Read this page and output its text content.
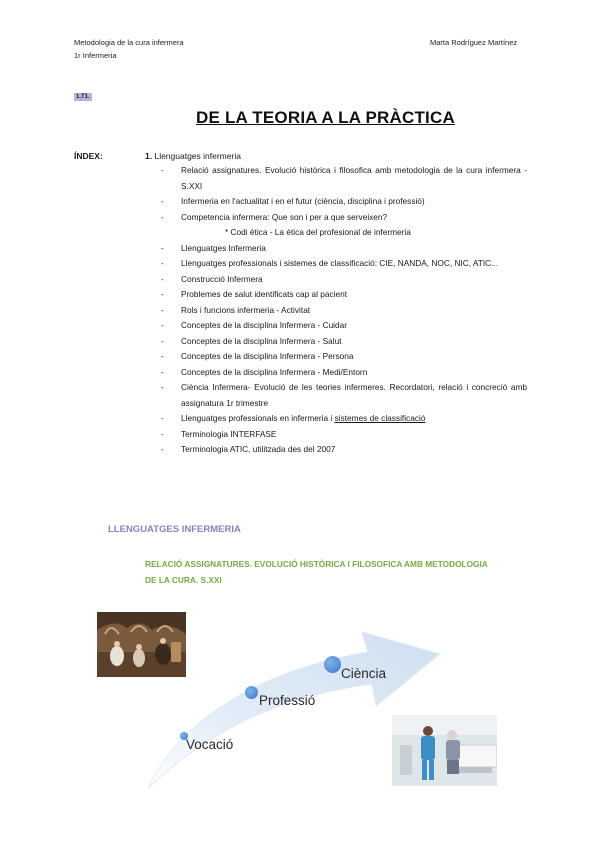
Metodologia de la cura infermera
1r Infermeria
Marta Rodríguez Martínez
1.T1.
DE LA TEORIA A LA PRÀCTICA
ÍNDEX:	1. Llenguatges infermeria
- Relació assignatures. Evolució històrica i filosofica amb metodologia de la cura infermera - S.XXI
- Infermeria en l'actualitat i en el futur (ciència, disciplina i professió)
- Competencia infermera: Que son i per a que serveixen?
* Codi ètica - La ètica del profesional de infermeria
- Llenguatges Infermeria
- Llenguatges professionals i sistemes de classificació: CIE, NANDA, NOC, NIC, ATIC...
- Construcció Infermera
- Problemes de salut identificats cap al pacient
- Rols i funcions infermeria - Activitat
- Conceptes de la disciplina Infermera - Cuidar
- Conceptes de la disciplina Infermera - Salut
- Conceptes de la disciplina Infermera - Persona
- Conceptes de la disciplina Infermera - Medi/Entorn
- Ciència Infermera- Evolució de les teories infermeres. Recordatori, relació i concreció amb assignatura 1r trimestre
- Llenguatges professionals en infermeria i sistemes de classificació
- Terminologia INTERFASE
- Terminologia ATIC, utilitzada des del 2007
LLENGUATGES INFERMERIA
RELACIÓ ASSIGNATURES. EVOLUCIÓ HISTÒRICA I FILOSOFICA AMB METODOLOGIA
DE LA CURA. S.XXI
Vocació
Professió
Ciència
